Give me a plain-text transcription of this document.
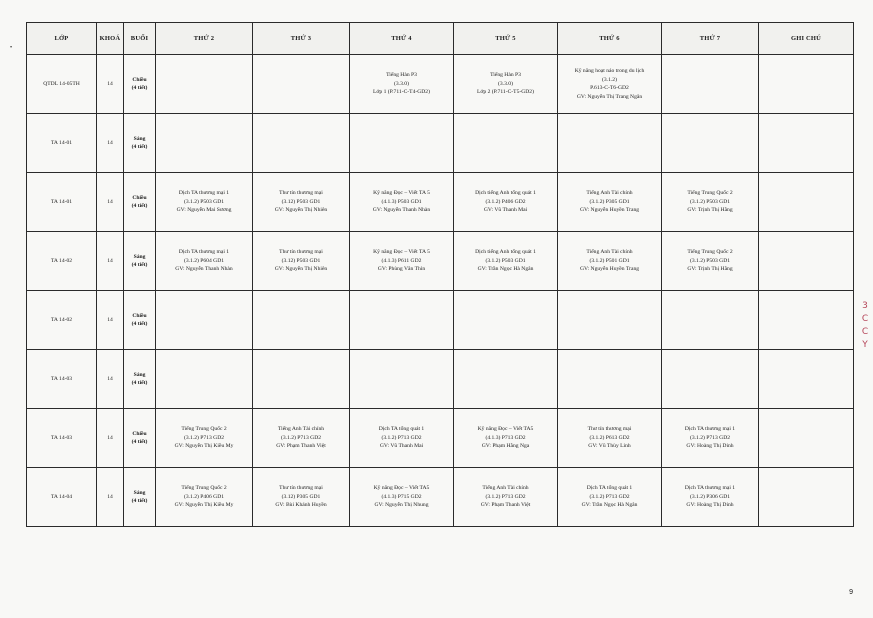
•
LỚP	KHOÁ	BUỔI	THỨ 2	THỨ 3	THỨ 4	THỨ 5	THỨ 6	THỨ 7	GHI CHÚ
QTDL 14-05TH	14	Chiều
(4 tiết)			Tiếng Hàn P3
(3.3.0)
Lớp 1 (P.711-C-T4-GD2)	Tiếng Hàn P3
(3.3.0)
Lớp 2 (P.711-C-T5-GD2)	Kỹ năng hoạt náo trong du lịch
(3.1.2)
P.613-C-T6-GD2
GV: Nguyễn Thị Trang Ngân		

TA 14-01	14	Sáng
(4 tiết)							

TA 14-01	14	Chiều
(4 tiết)	Dịch TA thương mại 1
(3.1.2) P503 GD1
GV: Nguyễn Mai Sương	Thư tín thương mại
(3.12) P503 GD1
GV: Nguyễn Thị Nhiên	Kỹ năng Đọc – Viết TA 5
(4.1.3) P503 GD1
GV: Nguyễn Thanh Nhàn	Dịch tiếng Anh tổng quát 1
(3.1.2) P406 GD2
GV: Vũ Thanh Mai	Tiếng Anh Tài chính
(3.1.2) P305 GD1
GV: Nguyễn Huyền Trang	Tiếng Trung Quốc 2
(3.1.2) P503 GD1
GV: Trịnh Thị Hằng	

TA 14-02	14	Sáng
(4 tiết)	Dịch TA thương mại 1
(3.1.2) P604 GD1
GV: Nguyễn Thanh Nhàn	Thư tín thương mại
(3.12) P503 GD1
GV: Nguyễn Thị Nhiên	Kỹ năng Đọc – Viết TA 5
(4.1.3) P611 GD2
GV: Phùng Văn Thìn	Dịch tiếng Anh tổng quát 1
(3.1.2) P503 GD1
GV: Trần Ngọc Hà Ngân	Tiếng Anh Tài chính
(3.1.2) P501 GD1
GV: Nguyễn Huyền Trang	Tiếng Trung Quốc 2
(3.1.2) P503 GD1
GV: Trịnh Thị Hằng	

TA 14-02	14	Chiều
(4 tiết)							

TA 14-03	14	Sáng
(4 tiết)							

TA 14-03	14	Chiều
(4 tiết)	Tiếng Trung Quốc 2
(3.1.2) P713 GD2
GV: Nguyễn Thị Kiều My	Tiếng Anh Tài chính
(3.1.2) P713 GD2
GV: Phạm Thanh Việt	Dịch TA tổng quát 1
(3.1.2) P713 GD2
GV: Vũ Thanh Mai	Kỹ năng Đọc – Viết TA5
(4.1.3) P713 GD2
GV: Phạm Hằng Nga	Thư tín thương mại
(3.1.2) P613 GD2
GV: Vũ Thùy Linh	Dịch TA thương mại 1
(3.1.2) P713 GD2
GV: Hoàng Thị Dinh	

TA 14-04	14	Sáng
(4 tiết)	Tiếng Trung Quốc 2
(3.1.2) P406 GD1
GV: Nguyễn Thị Kiều My	Thư tín thương mại
(3.12) P305 GD1
GV: Bùi Khánh Huyền	Kỹ năng Đọc – Viết TA5
(4.1.3) P715 GD2
GV: Nguyễn Thị Nhung	Tiếng Anh Tài chính
(3.1.2) P713 GD2
GV: Phạm Thanh Việt	Dịch TA tổng quát 1
(3.1.2) P713 GD2
GV: Trần Ngọc Hà Ngân	Dịch TA thương mại 1
(3.1.2) P306 GD1
GV: Hoàng Thị Dinh	

3
C
C
Y
9
